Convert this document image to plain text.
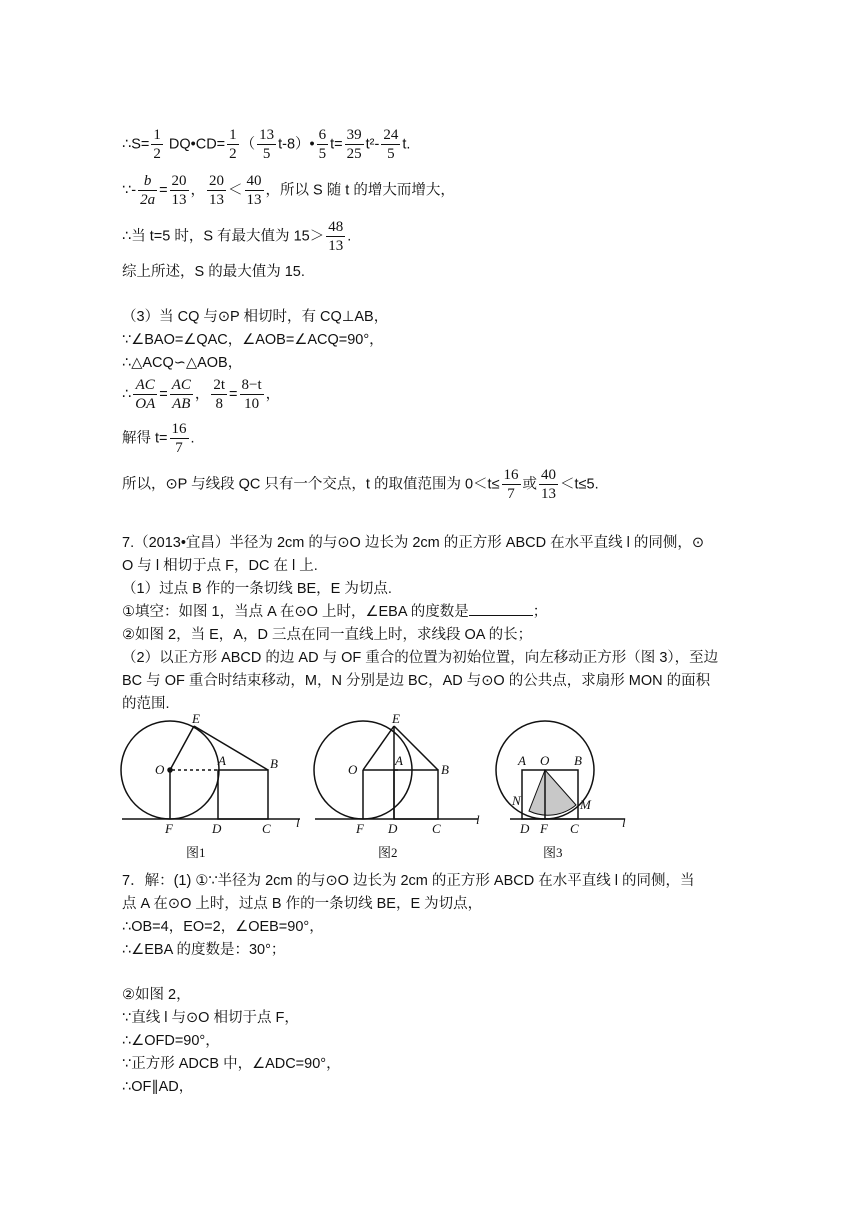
∴S= $\frac{1}{2}$ DQ•CD= $\frac{1}{2}$ （ $\frac{13}{5}$ t-8）• $\frac{6}{5} t= \frac{39}{25} t^2- \frac{24}{5} t$.
∵- $\frac{b}{2a} = \frac{20}{13}$ ， $\frac{20}{13} < \frac{40}{13}$ ，所以 S 随 t 的增大而增大，
∴当 t=5 时，S 有最大值为 $15> \frac{48}{13}$ .
综上所述，S 的最大值为 15.
（3）当 CQ 与⊙P 相切时，有 CQ⊥AB，
∵∠BAO=∠QAC，∠AOB=∠ACQ=90°，
∴△ACQ∽△AOB，
∴ $\frac{AC}{OA} = \frac{AC}{AB}$ ， $\frac{2t}{8} = \frac{8-t}{10}$ ，
解得 $t= \frac{16}{7}$ .
所以，⊙P 与线段 QC 只有一个交点，t 的取值范围为 $0<t\le \frac{16}{7}$ 或 $\frac{40}{13} <t\le 5$.
7.（2013•宜昌）半径为 2cm 的与⊙O 边长为 2cm 的正方形 ABCD 在水平直线 l 的同侧，⊙
O 与 l 相切于点 F，DC 在 l 上.
（1）过点 B 作的一条切线 BE，E 为切点.
①填空：如图 1，当点 A 在⊙O 上时，∠EBA 的度数是	；
②如图 2，当 E，A，D 三点在同一直线上时，求线段 OA 的长；
（2）以正方形 ABCD 的边 AD 与 OF 重合的位置为初始位置，向左移动正方形（图 3），至边
BC 与 OF 重合时结束移动，M，N 分别是边 BC，AD 与⊙O 的公共点，求扇形 MON 的面积
的范围.
E
O
A	B
F	D	C l
图1
E
O
A
B
F D	C
l
图2
A O B
N	M
D F C	l
图3
7．解：(1) ①∵半径为 2cm 的与⊙O 边长为 2cm 的正方形 ABCD 在水平直线 l 的同侧，当
点 A 在⊙O 上时，过点 B 作的一条切线 BE，E 为切点，
∴OB=4，EO=2，∠OEB=90°，
∴∠EBA 的度数是：30°；
②如图 2，
∵直线 l 与⊙O 相切于点 F，
∴∠OFD=90°，
∵正方形 ADCB 中，∠ADC=90°，
∴OF∥AD，
